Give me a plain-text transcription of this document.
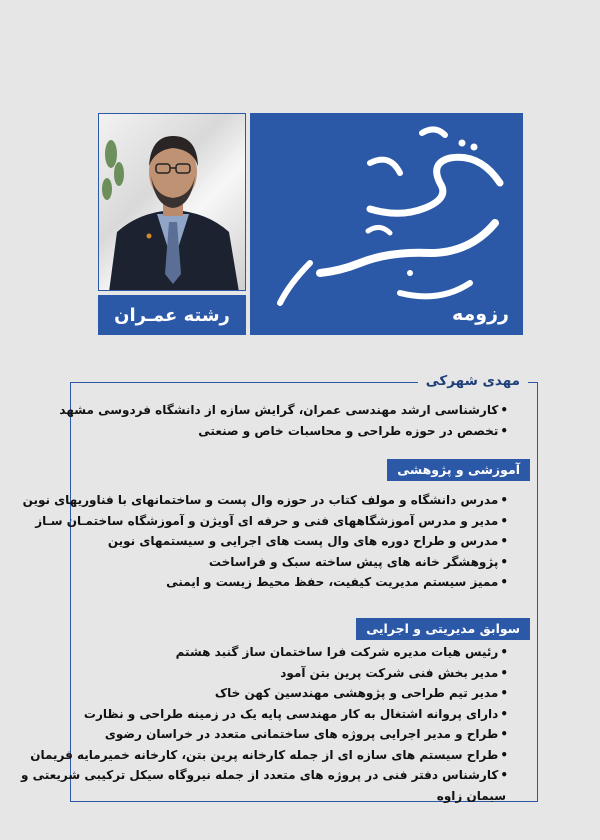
رشته عمـران	رزومه
مهدی شهرکی
• کارشناسی ارشد مهندسی عمران، گرایش سازه از دانشگاه فردوسی مشهد
• تخصص در حوزه طراحی و محاسبات خاص و صنعتی
آموزشی و پژوهشی
• مدرس دانشگاه و مولف کتاب در حوزه وال پست و ساختمانهای با فناوریهای نوین
• مدیر و مدرس آموزشگاههای فنی و حرفه ای آویژن و آموزشگاه ساختمـان سـاز
• مدرس و طراح دوره های وال پست های اجرایی و سیستمهای نوین
• پژوهشگر خانه های پیش ساخته سبک و فراساخت
• ممیز سیستم مدیریت کیفیت، حفظ محیط زیست و ایمنی
سوابق مدیریتی و اجرایی
• رئیس هیات مدیره شرکت فرا ساختمان ساز گنبد هشتم
• مدیر بخش فنی شرکت پرین بتن آمود
• مدیر تیم طراحی و پژوهشی مهندسین کهن خاک
• دارای پروانه اشتغال به کار مهندسی پایه یک در زمینه طراحی و نظارت
• طراح و مدیر اجرایی پروژه های ساختمانی متعدد در خراسان رضوی
• طراح سیستم های سازه ای از جمله کارخانه پرین بتن، کارخانه خمیرمایه فریمان
• کارشناس دفتر فنی در پروژه های متعدد از جمله نیروگاه سیکل ترکیبی شریعتی و
سیمان زاوه
